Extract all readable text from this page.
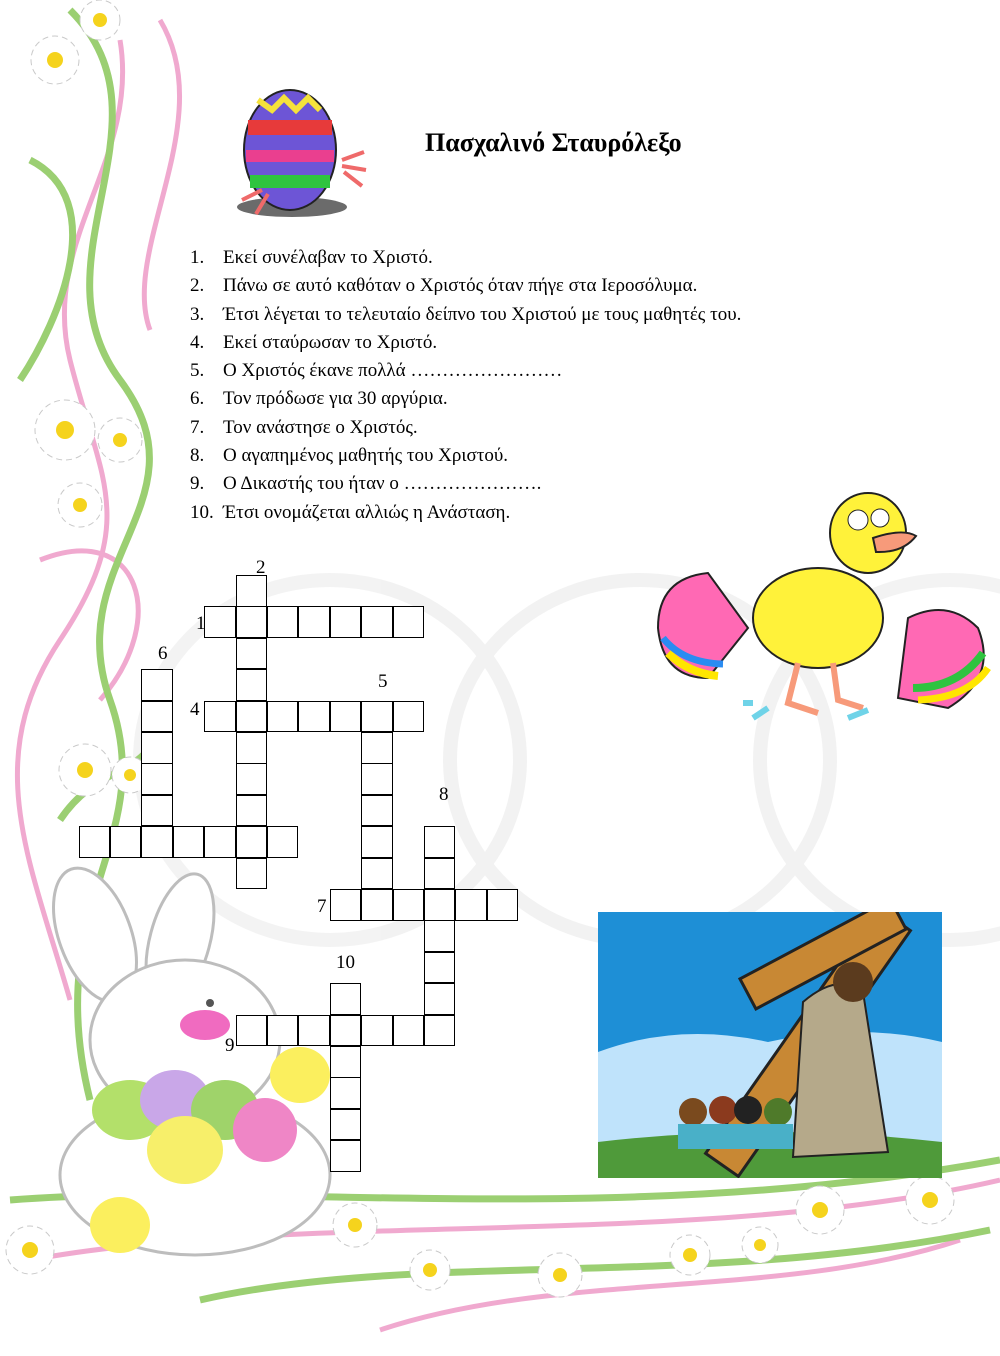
Πασχαλινό Σταυρόλεξο
1. Εκεί συνέλαβαν το Χριστό.
2. Πάνω σε αυτό καθόταν ο Χριστός όταν πήγε στα Ιεροσόλυμα.
3. Έτσι λέγεται το τελευταίο δείπνο του Χριστού με τους μαθητές του.
4. Εκεί σταύρωσαν το Χριστό.
5. Ο Χριστός έκανε πολλά ……………………
6. Τον πρόδωσε για 30 αργύρια.
7. Τον ανάστησε ο Χριστός.
8. Ο αγαπημένος μαθητής του Χριστού.
9. Ο Δικαστής του ήταν ο ………………….
10. Έτσι ονομάζεται αλλιώς η Ανάσταση.
2
1
6
5
4
8
7
10
9
